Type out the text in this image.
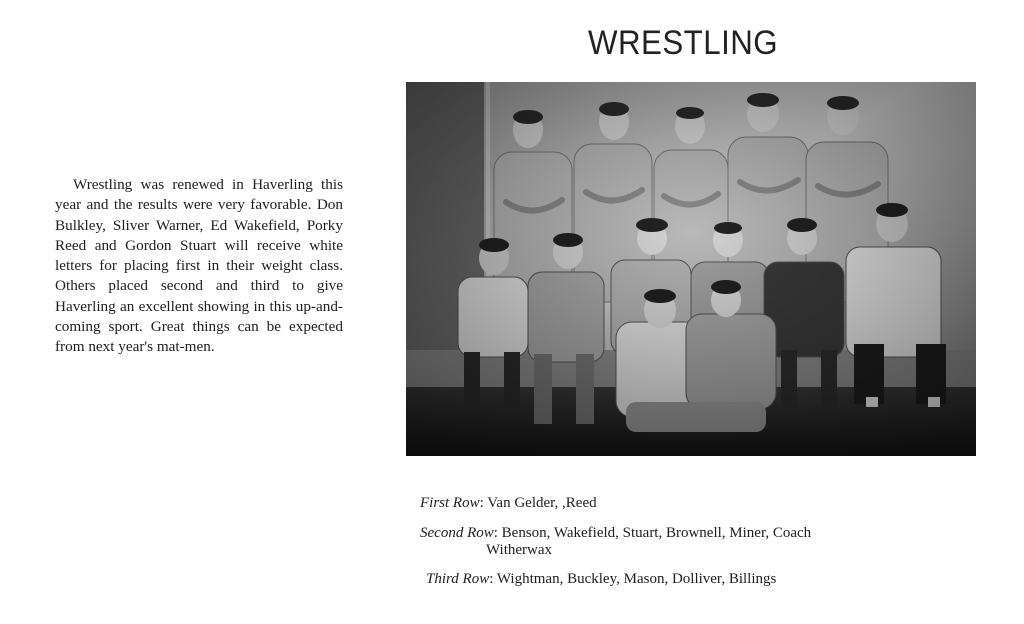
WRESTLING

Wrestling was renewed in Haverling this year and the results were very favorable. Don Bulkley, Sliver Warner, Ed Wakefield, Porky Reed and Gordon Stuart will receive white letters for placing first in their weight class. Others placed second and third to give Haverling an excellent showing in this up-and-coming sport. Great things can be expected from next year's mat-men.

First Row: Van Gelder, ,Reed
Second Row: Benson, Wakefield, Stuart, Brownell, Miner, Coach
Witherwax
Third Row: Wightman, Buckley, Mason, Dolliver, Billings
